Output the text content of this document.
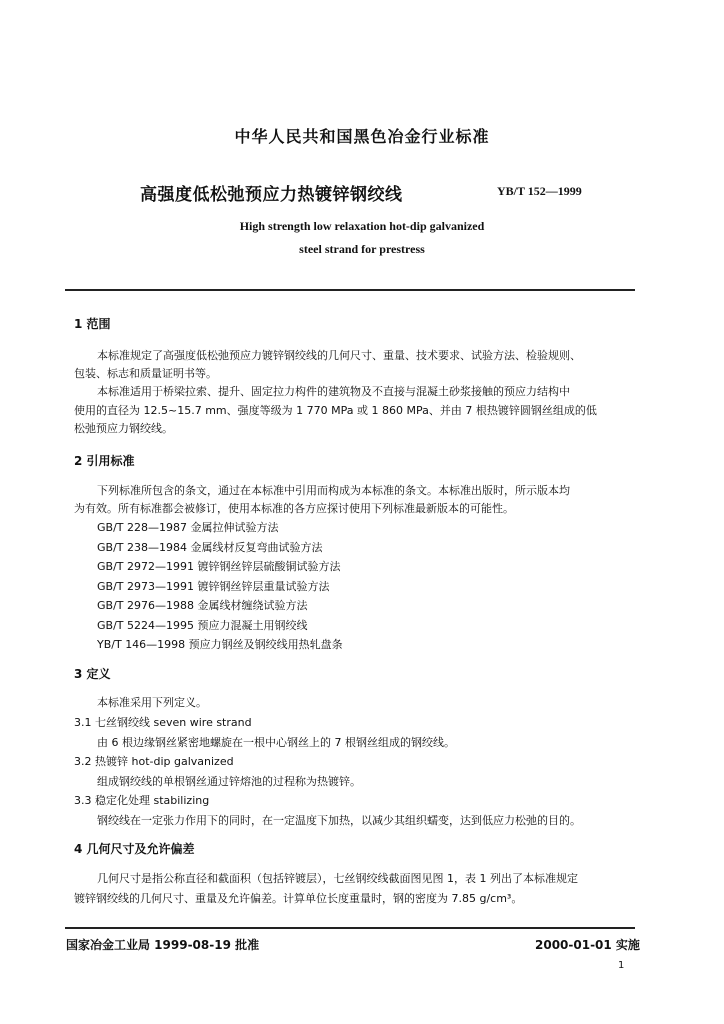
中华人民共和国黑色冶金行业标准
高强度低松弛预应力热镀锌钢绞线	YB/T 152—1999
High strength low relaxation hot-dip galvanized
steel strand for prestress
1 范围
本标准规定了高强度低松弛预应力镀锌钢绞线的几何尺寸、重量、技术要求、试验方法、检验规则、
包装、标志和质量证明书等。
本标准适用于桥梁拉索、提升、固定拉力构件的建筑物及不直接与混凝土砂浆接触的预应力结构中
使用的直径为 12.5~15.7 mm、强度等级为 1 770 MPa 或 1 860 MPa、并由 7 根热镀锌圆钢丝组成的低
松弛预应力钢绞线。
2 引用标准
下列标准所包含的条文，通过在本标准中引用而构成为本标准的条文。本标准出版时，所示版本均
为有效。所有标准都会被修订，使用本标准的各方应探讨使用下列标准最新版本的可能性。
GB/T 228—1987 金属拉伸试验方法
GB/T 238—1984 金属线材反复弯曲试验方法
GB/T 2972—1991 镀锌钢丝锌层硫酸铜试验方法
GB/T 2973—1991 镀锌钢丝锌层重量试验方法
GB/T 2976—1988 金属线材缠绕试验方法
GB/T 5224—1995 预应力混凝土用钢绞线
YB/T 146—1998 预应力钢丝及钢绞线用热轧盘条
3 定义
本标准采用下列定义。
3.1 七丝钢绞线 seven wire strand
由 6 根边缘钢丝紧密地螺旋在一根中心钢丝上的 7 根钢丝组成的钢绞线。
3.2 热镀锌 hot-dip galvanized
组成钢绞线的单根钢丝通过锌熔池的过程称为热镀锌。
3.3 稳定化处理 stabilizing
钢绞线在一定张力作用下的同时，在一定温度下加热，以减少其组织蠕变，达到低应力松弛的目的。
4 几何尺寸及允许偏差
几何尺寸是指公称直径和截面积（包括锌镀层），七丝钢绞线截面图见图 1，表 1 列出了本标准规定
镀锌钢绞线的几何尺寸、重量及允许偏差。计算单位长度重量时，钢的密度为 7.85 g/cm³。
国家冶金工业局 1999-08-19 批准	2000-01-01 实施
1
